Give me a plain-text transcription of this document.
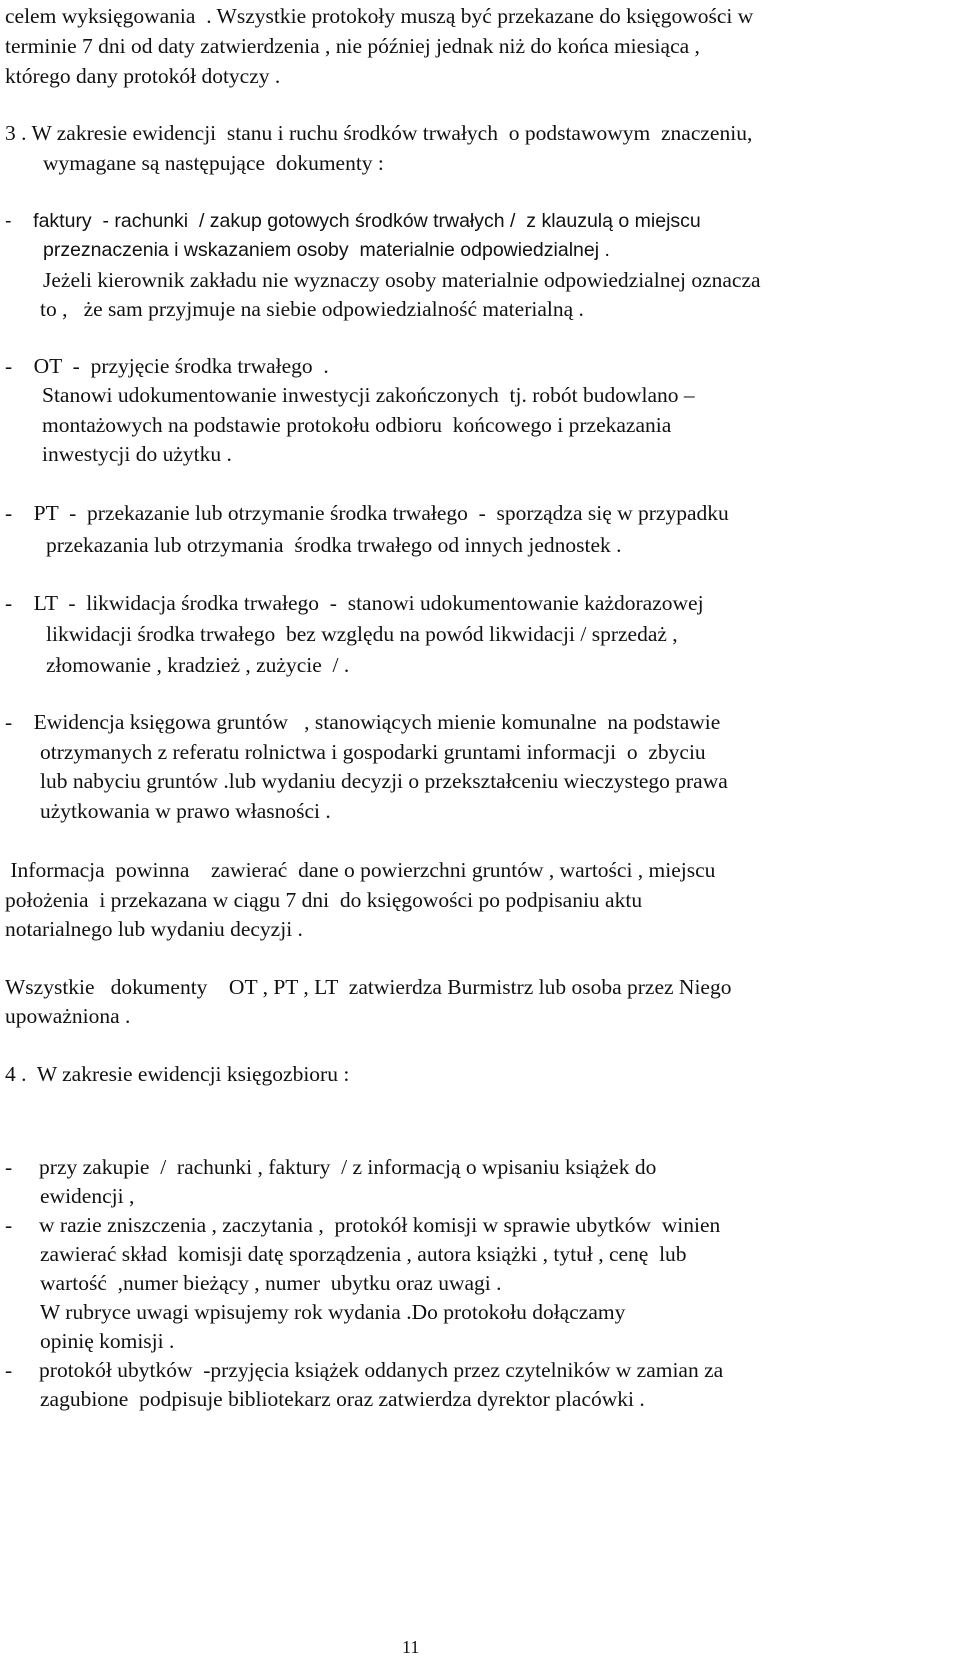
celem wyksięgowania  . Wszystkie protokoły muszą być przekazane do księgowości w
terminie 7 dni od daty zatwierdzenia , nie później jednak niż do końca miesiąca ,
którego dany protokół dotyczy .
3 . W zakresie ewidencji  stanu i ruchu środków trwałych  o podstawowym  znaczeniu,
wymagane są następujące  dokumenty :
-    faktury  - rachunki  / zakup gotowych środków trwałych /  z klauzulą o miejscu
przeznaczenia i wskazaniem osoby  materialnie odpowiedzialnej .
Jeżeli kierownik zakładu nie wyznaczy osoby materialnie odpowiedzialnej oznacza
to ,   że sam przyjmuje na siebie odpowiedzialność materialną .
-    OT  -  przyjęcie środka trwałego  .
Stanowi udokumentowanie inwestycji zakończonych  tj. robót budowlano –
montażowych na podstawie protokołu odbioru  końcowego i przekazania
inwestycji do użytku .
-    PT  -  przekazanie lub otrzymanie środka trwałego  -  sporządza się w przypadku
przekazania lub otrzymania  środka trwałego od innych jednostek .
-    LT  -  likwidacja środka trwałego  -  stanowi udokumentowanie każdorazowej
likwidacji środka trwałego  bez względu na powód likwidacji / sprzedaż ,
złomowanie , kradzież , zużycie  / .
-    Ewidencja księgowa gruntów   , stanowiących mienie komunalne  na podstawie
otrzymanych z referatu rolnictwa i gospodarki gruntami informacji  o  zbyciu
lub nabyciu gruntów .lub wydaniu decyzji o przekształceniu wieczystego prawa
użytkowania w prawo własności .
Informacja  powinna    zawierać  dane o powierzchni gruntów , wartości , miejscu
położenia  i przekazana w ciągu 7 dni  do księgowości po podpisaniu aktu
notarialnego lub wydaniu decyzji .
Wszystkie   dokumenty    OT , PT , LT  zatwierdza Burmistrz lub osoba przez Niego
upoważniona .
4 .  W zakresie ewidencji księgozbioru :
-     przy zakupie  /  rachunki , faktury  / z informacją o wpisaniu książek do
ewidencji ,
-     w razie zniszczenia , zaczytania ,  protokół komisji w sprawie ubytków  winien
zawierać skład  komisji datę sporządzenia , autora książki , tytuł , cenę  lub
wartość  ,numer bieżący , numer  ubytku oraz uwagi .
W rubryce uwagi wpisujemy rok wydania .Do protokołu dołączamy
opinię komisji .
-     protokół ubytków  -przyjęcia książek oddanych przez czytelników w zamian za
zagubione  podpisuje bibliotekarz oraz zatwierdza dyrektor placówki .
11
